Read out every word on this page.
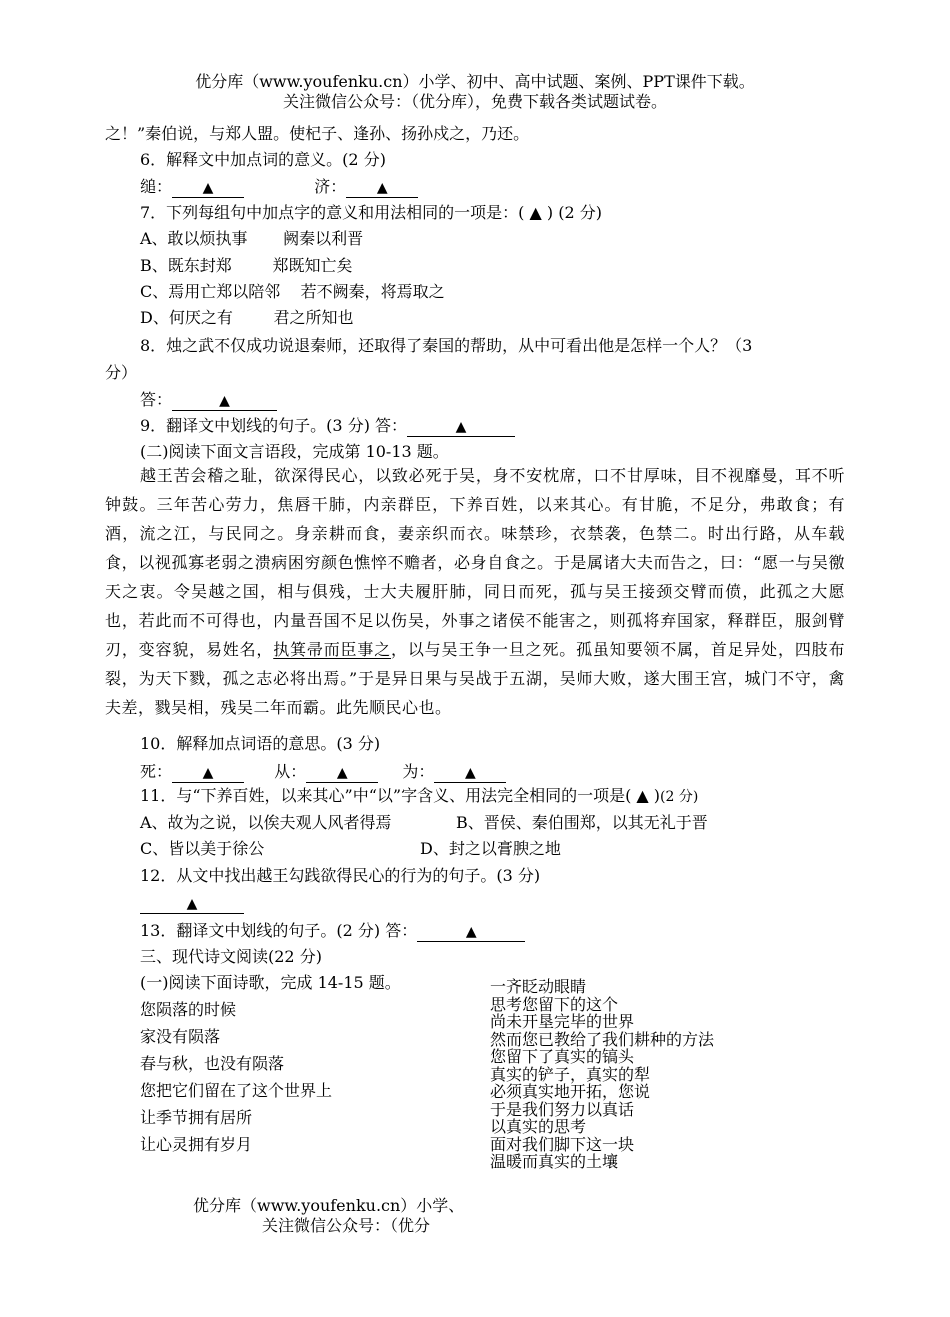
优分库（www.youfenku.cn）小学、初中、高中试题、案例、PPT课件下载。
关注微信公众号：（优分库），免费下载各类试题试卷。
之！”秦伯说，与郑人盟。使杞子、逢孙、扬孙戍之，乃还。
6．解释文中加点词的意义。(2 分)
缒： ▲	济： ▲
7．下列每组句中加点字的意义和用法相同的一项是：( ▲ ) (2 分)
A、敢以烦执事       阙秦以利晋
B、既东封郑        郑既知亡矣
C、焉用亡郑以陪邻    若不阙秦，将焉取之
D、何厌之有        君之所知也
8．烛之武不仅成功说退秦师，还取得了秦国的帮助，从中可看出他是怎样一个人？（3
分）
答：	▲
9．翻译文中划线的句子。(3 分) 答：	▲
(二)阅读下面文言语段，完成第 10-13 题。
越王苦会稽之耻，欲深得民心，以致必死于吴，身不安枕席，口不甘厚味，目不视靡曼，耳不听钟鼓。三年苦心劳力，焦唇干肺，内亲群臣，下养百姓，以来其心。有甘脆，不足分，弗敢食；有酒，流之江，与民同之。身亲耕而食，妻亲织而衣。味禁珍，衣禁袭，色禁二。时出行路，从车载食，以视孤寡老弱之溃病困穷颜色憔悴不赡者，必身自食之。于是属诸大夫而告之，曰：“愿一与吴徼天之衷。令吴越之国，相与俱残，士大夫履肝肺，同日而死，孤与吴王接颈交臂而偾，此孤之大愿也，若此而不可得也，内量吾国不足以伤吴，外事之诸侯不能害之，则孤将弃国家，释群臣，服剑臂刃，变容貌，易姓名，执箕帚而臣事之，以与吴王争一旦之死。孤虽知要领不属，首足异处，四肢布裂，为天下戮，孤之志必将出焉。”于是异日果与吴战于五湖，吴师大败，遂大围王宫，城门不守，禽夫差，戮吴相，残吴二年而霸。此先顺民心也。
10．解释加点词语的意思。(3 分)
死： ▲	从： ▲	为： ▲
11．与“下养百姓，以来其心”中“以”字含义、用法完全相同的一项是( ▲ )(2 分)
A、故为之说，以俟夫观人风者得焉	B、晋侯、秦伯围郑，以其无礼于晋
C、皆以美于徐公	D、封之以膏腴之地
12．从文中找出越王勾践欲得民心的行为的句子。(3 分)
▲
13．翻译文中划线的句子。(2 分) 答：	▲
三、现代诗文阅读(22 分)
(一)阅读下面诗歌，完成 14-15 题。
您陨落的时候
家没有陨落
春与秋，也没有陨落
您把它们留在了这个世界上
让季节拥有居所
让心灵拥有岁月
一齐眨动眼睛
思考您留下的这个
尚未开垦完毕的世界
然而您已教给了我们耕种的方法
您留下了真实的镐头
真实的铲子，真实的犁
必须真实地开拓，您说
于是我们努力以真话
以真实的思考
面对我们脚下这一块
温暖而真实的土壤
优分库（www.youfenku.cn）小学、
关注微信公众号：（优分
